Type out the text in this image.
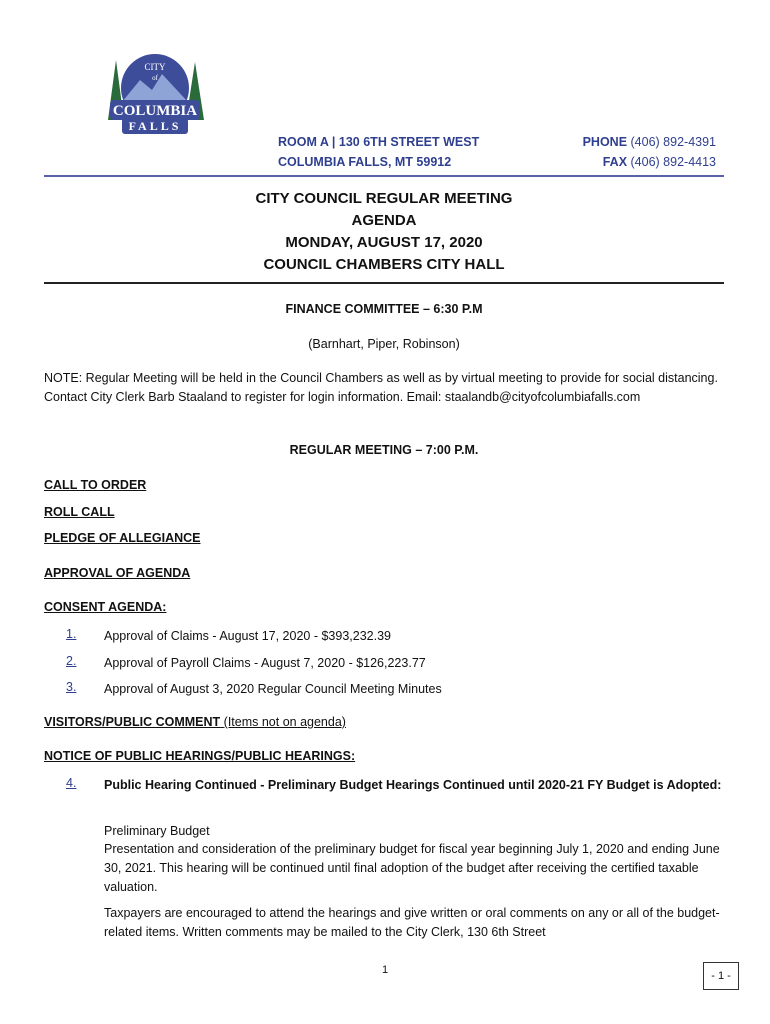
CITY
of
COLUMBIA
FALLS
ROOM A | 130 6TH STREET WEST
COLUMBIA FALLS, MT 59912
PHONE (406) 892-4391
FAX (406) 892-4413
CITY COUNCIL REGULAR MEETING
AGENDA
MONDAY, AUGUST 17, 2020
COUNCIL CHAMBERS CITY HALL
FINANCE COMMITTEE – 6:30 P.M
(Barnhart, Piper, Robinson)
NOTE: Regular Meeting will be held in the Council Chambers as well as by virtual meeting to provide for social distancing. Contact City Clerk Barb Staaland to register for login information. Email: staalandb@cityofcolumbiafalls.com
REGULAR MEETING – 7:00 P.M.
CALL TO ORDER
ROLL CALL
PLEDGE OF ALLEGIANCE
APPROVAL OF AGENDA
CONSENT AGENDA:
1. Approval of Claims - August 17, 2020 - $393,232.39
2. Approval of Payroll Claims - August 7, 2020 - $126,223.77
3. Approval of August 3, 2020 Regular Council Meeting Minutes
VISITORS/PUBLIC COMMENT (Items not on agenda)
NOTICE OF PUBLIC HEARINGS/PUBLIC HEARINGS:
4. Public Hearing Continued - Preliminary Budget Hearings Continued until 2020-21 FY Budget is Adopted:
Preliminary Budget
Presentation and consideration of the preliminary budget for fiscal year beginning July 1, 2020 and ending June 30, 2021. This hearing will be continued until final adoption of the budget after receiving the certified taxable valuation.
Taxpayers are encouraged to attend the hearings and give written or oral comments on any or all of the budget-related items. Written comments may be mailed to the City Clerk, 130 6th Street
1	- 1 -
